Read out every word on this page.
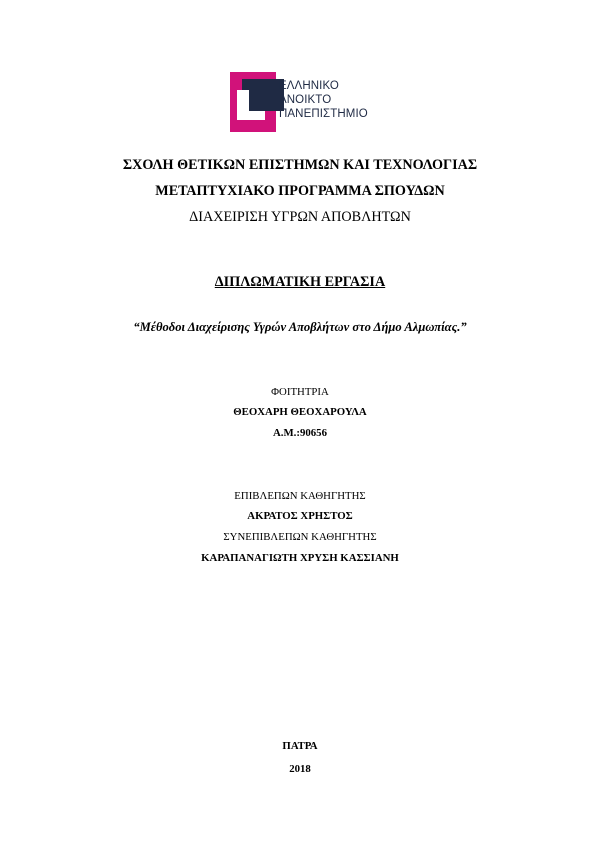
ΕΛΛΗΝΙΚΟ
ΑΝΟΙΚΤΟ
ΠΑΝΕΠΙΣΤΗΜΙΟ
ΣΧΟΛΗ ΘΕΤΙΚΩΝ ΕΠΙΣΤΗΜΩΝ ΚΑΙ ΤΕΧΝΟΛΟΓΙΑΣ
ΜΕΤΑΠΤΥΧΙΑΚΟ ΠΡΟΓΡΑΜΜΑ ΣΠΟΥΔΩΝ
ΔΙΑΧΕΙΡΙΣΗ ΥΓΡΩΝ ΑΠΟΒΛΗΤΩΝ
ΔΙΠΛΩΜΑΤΙΚΗ ΕΡΓΑΣΙΑ
“Μέθοδοι Διαχείρισης Υγρών Αποβλήτων στο Δήμο Αλμωπίας.”
ΦΟΙΤΗΤΡΙΑ
ΘΕΟΧΑΡΗ ΘΕΟΧΑΡΟΥΛΑ
Α.Μ.:90656
ΕΠΙΒΛΕΠΩΝ ΚΑΘΗΓΗΤΗΣ
ΑΚΡΑΤΟΣ ΧΡΗΣΤΟΣ
ΣΥΝΕΠΙΒΛΕΠΩΝ ΚΑΘΗΓΗΤΗΣ
ΚΑΡΑΠΑΝΑΓΙΩΤΗ ΧΡΥΣΗ ΚΑΣΣΙΑΝΗ
ΠΑΤΡΑ
2018
